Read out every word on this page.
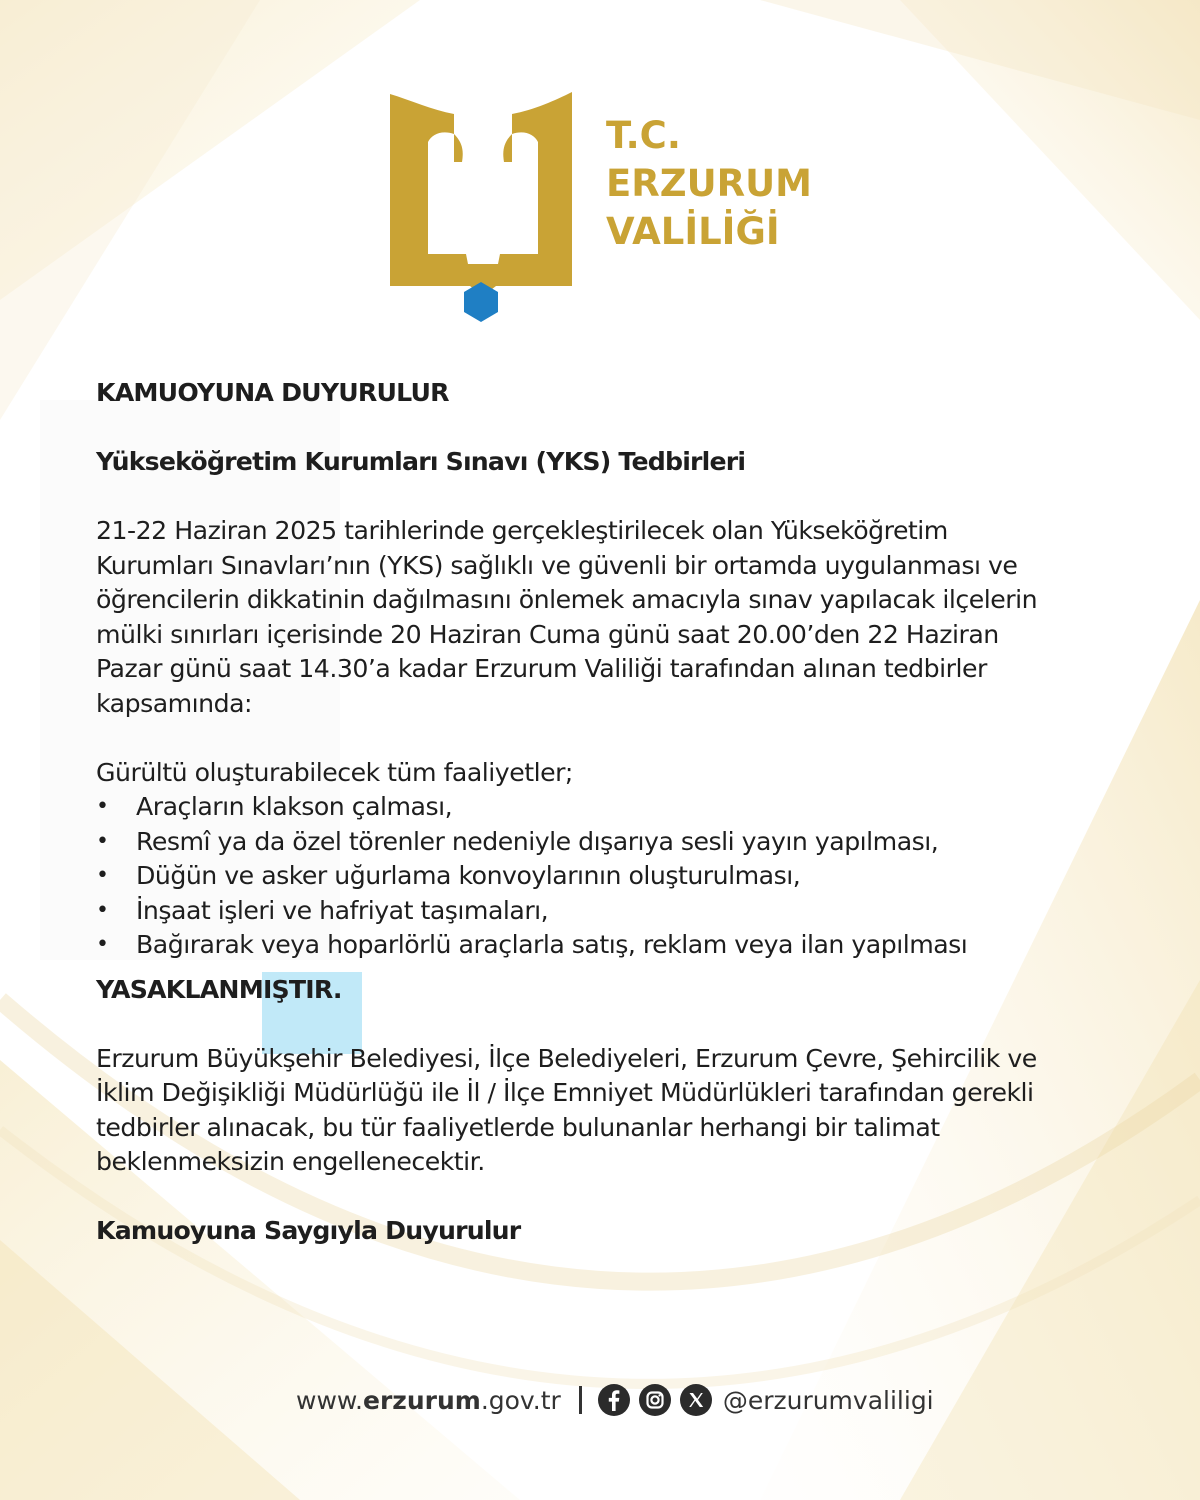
T.C.
ERZURUM
VALİLİĞİ

KAMUOYUNA DUYURULUR

Yükseköğretim Kurumları Sınavı (YKS) Tedbirleri

21-22 Haziran 2025 tarihlerinde gerçekleştirilecek olan Yükseköğretim

Kurumları Sınavları’nın (YKS) sağlıklı ve güvenli bir ortamda uygulanması ve

öğrencilerin dikkatinin dağılmasını önlemek amacıyla sınav yapılacak ilçelerin

mülki sınırları içerisinde 20 Haziran Cuma günü saat 20.00’den 22 Haziran

Pazar günü saat 14.30’a kadar Erzurum Valiliği tarafından alınan tedbirler

kapsamında:

Gürültü oluşturabilecek tüm faaliyetler;

• Araçların klakson çalması,
• Resmî ya da özel törenler nedeniyle dışarıya sesli yayın yapılması,
• Düğün ve asker uğurlama konvoylarının oluşturulması,
• İnşaat işleri ve hafriyat taşımaları,
• Bağırarak veya hoparlörlü araçlarla satış, reklam veya ilan yapılması

YASAKLANMIŞTIR.

Erzurum Büyükşehir Belediyesi, İlçe Belediyeleri, Erzurum Çevre, Şehircilik ve

İklim Değişikliği Müdürlüğü ile İl / İlçe Emniyet Müdürlükleri tarafından gerekli

tedbirler alınacak, bu tür faaliyetlerde bulunanlar herhangi bir talimat

beklenmeksizin engellenecektir.

Kamuoyuna Saygıyla Duyurulur

www.erzurum.gov.tr	@erzurumvaliligi
